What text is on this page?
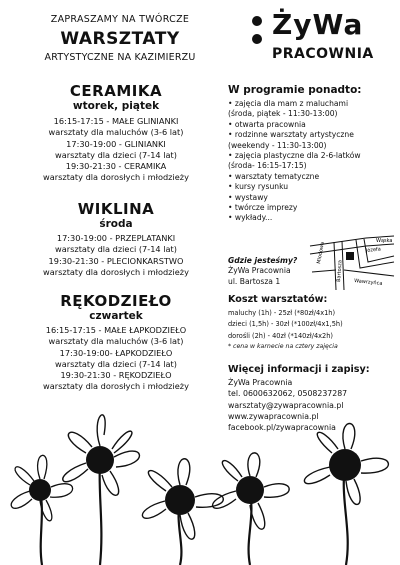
ZAPRASZAMY NA TWÓRCZE
WARSZTATY
ARTYSTYCZNE NA KAZIMIERZU
ŻyWa
PRACOWNIA
CERAMIKA
wtorek, piątek
16:15-17:15 - MAŁE GLINIANKI
warsztaty dla maluchów (3-6 lat)
17:30-19:00 - GLINIANKI
warsztaty dla dzieci (7-14 lat)
19:30-21:30 - CERAMIKA
warsztaty dla dorosłych i młodzieży
WIKLINA
środa
17:30-19:00 - PRZEPLATANKI
warsztaty dla dzieci (7-14 lat)
19:30-21:30 - PLECIONKARSTWO
warsztaty dla dorosłych i młodzieży
RĘKODZIEŁO
czwartek
16:15-17:15 - MAŁE ŁAPKODZIEŁO
warsztaty dla maluchów (3-6 lat)
17:30-19:00- ŁAPKODZIEŁO
warsztaty dla dzieci (7-14 lat)
19:30-21:30 - RĘKODZIEŁO
warsztaty dla dorosłych i młodzieży
W programie ponadto:
• zajęcia dla mam z maluchami
(środa, piątek - 11:30-13:00)
• otwarta pracownia
• rodzinne warsztaty artystyczne
(weekendy - 11:30-13:00)
• zajęcia plastyczne dla 2-6-latków
(środa- 16:15-17:15)
• warsztaty tematyczne
• kursy rysunku
• wystawy
• twórcze imprezy
• wykłady...
Miodowa
Bartosza
Józefa
Wąska
Wawrzyńca
Gdzie jesteśmy?
ŻyWa Pracownia
ul. Bartosza 1
Koszt warsztatów:
maluchy (1h) - 25zł (*80zł/4x1h)
dzieci (1,5h) - 30zł (*100zł/4x1,5h)
dorośli (2h) - 40zł (*140zł/4x2h)
* cena w karnecie na cztery zajęcia
Więcej informacji i zapisy:
ŻyWa Pracownia
tel. 0600632062, 0508237287
warsztaty@zywapracownia.pl
www.zywapracownia.pl
facebook.pl/zywapracownia
